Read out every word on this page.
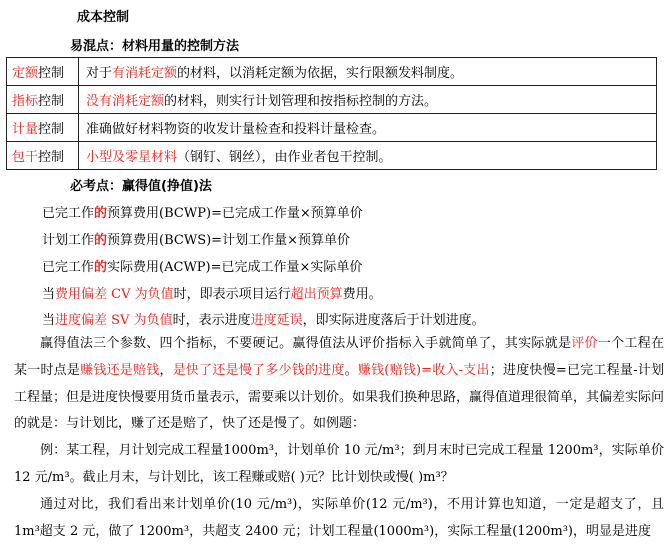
成本控制
易混点：材料用量的控制方法
定额控制	对于有消耗定额的材料，以消耗定额为依据，实行限额发料制度。
指标控制	没有消耗定额的材料，则实行计划管理和按指标控制的方法。
计量控制	准确做好材料物资的收发计量检查和投料计量检查。
包干控制	小型及零星材料（钢钉、钢丝），由作业者包干控制。
必考点：赢得值(挣值)法
已完工作的预算费用(BCWP)=已完成工作量×预算单价
计划工作的预算费用(BCWS)=计划工作量×预算单价
已完工作的实际费用(ACWP)=已完成工作量×实际单价
当费用偏差 CV 为负值时，即表示项目运行超出预算费用。
当进度偏差 SV 为负值时，表示进度进度延误，即实际进度落后于计划进度。

赢得值法三个参数、四个指标，不要硬记。赢得值法从评价指标入手就简单了，其实际就是评价一个工程在某一时点是赚钱还是赔钱，是快了还是慢了多少钱的进度。赚钱(赔钱)=收入-支出；进度快慢=已完工程量-计划工程量；但是进度快慢要用货币量表示，需要乘以计划价。如果我们换种思路，赢得值道理很简单，其偏差实际问的就是：与计划比，赚了还是赔了，快了还是慢了。如例题：

例：某工程，月计划完成工程量1000m³，计划单价 10 元/m³；到月末时已完成工程量 1200m³，实际单价 12 元/m³。截止月末，与计划比，该工程赚或赔( )元？比计划快或慢( )m³？

通过对比，我们看出来计划单价(10 元/m³)，实际单价(12 元/m³)，不用计算也知道，一定是超支了，且 1m³超支 2 元，做了 1200m³，共超支 2400 元；计划工程量(1000m³)，实际工程量(1200m³)，明显是进度
